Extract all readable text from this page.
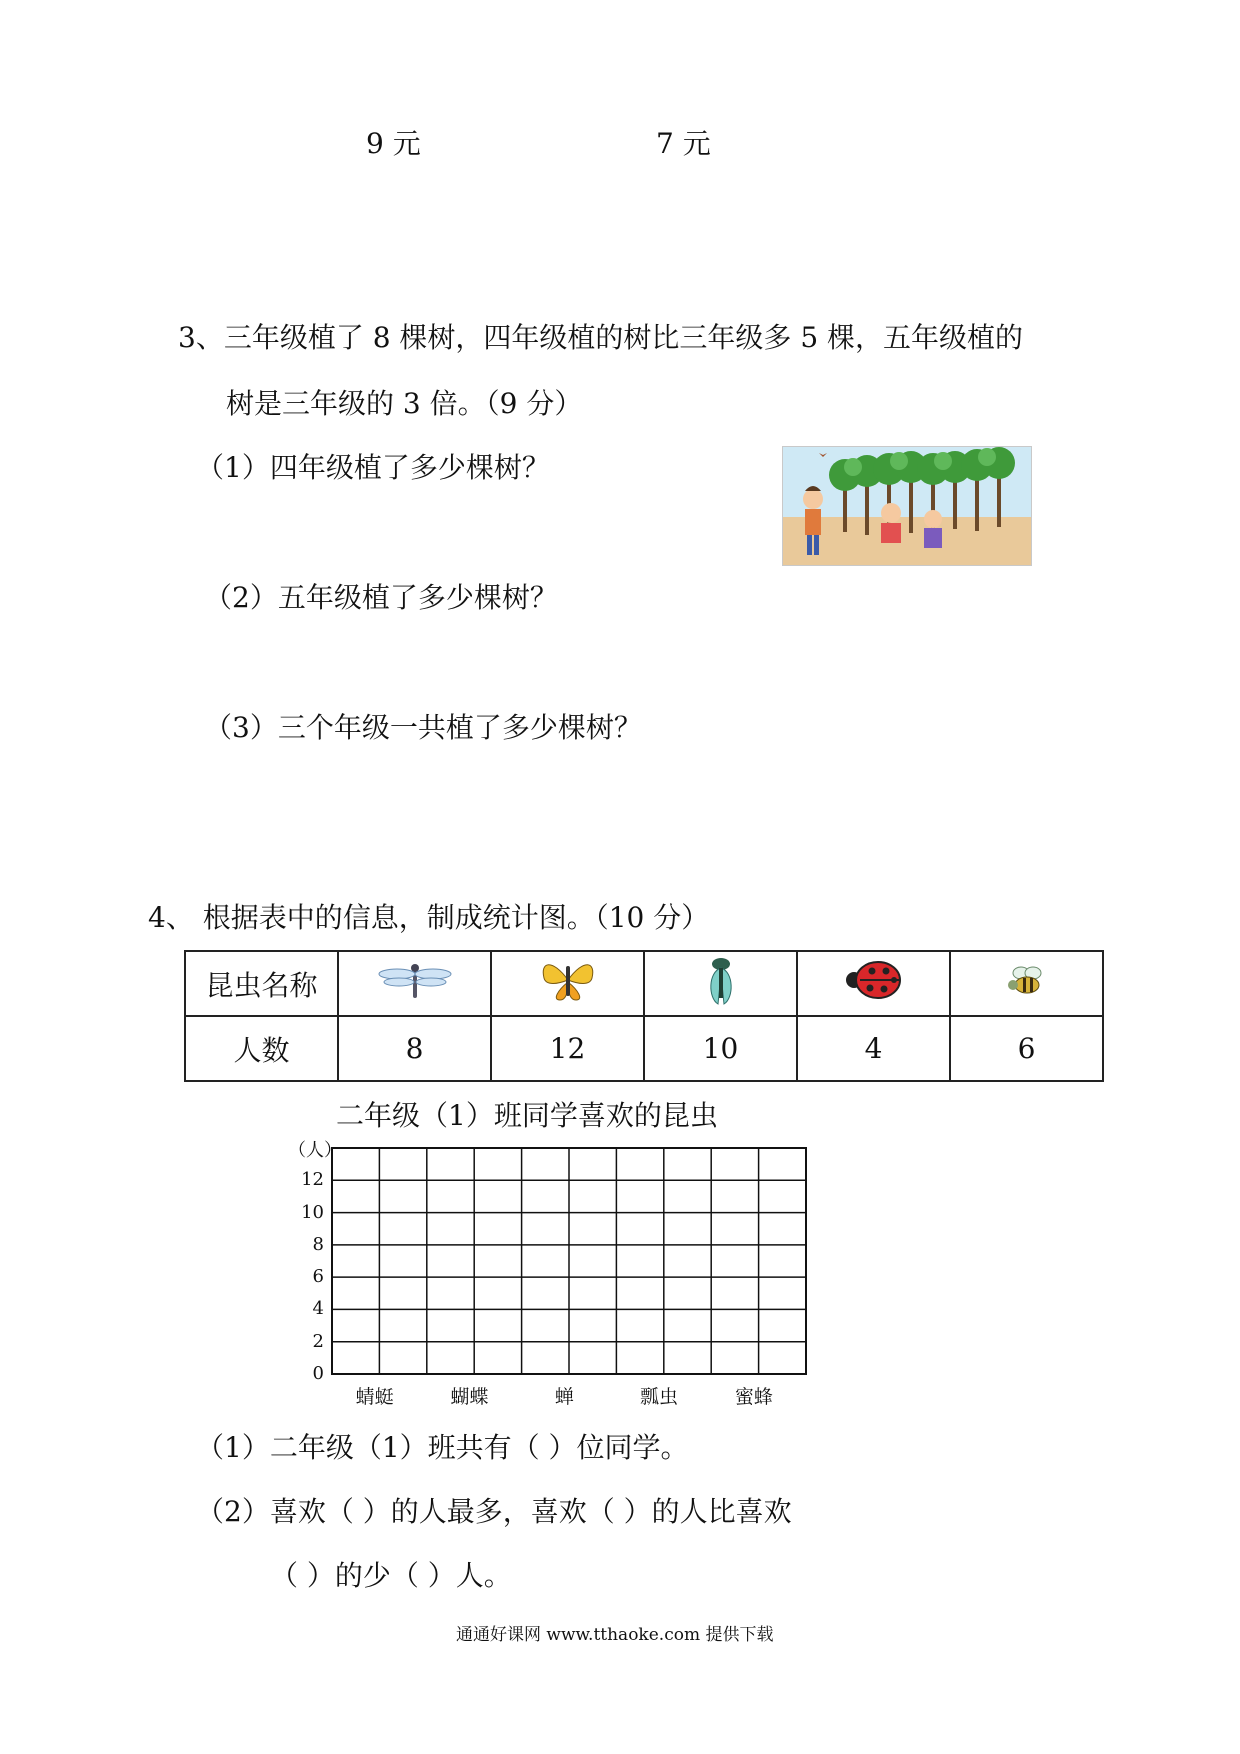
9 元	7 元
3、三年级植了 8 棵树，四年级植的树比三年级多 5 棵，五年级植的
树是三年级的 3 倍。（9 分）
（1）四年级植了多少棵树？
（2）五年级植了多少棵树？
（3）三个年级一共植了多少棵树？
4、 根据表中的信息，制成统计图。（10 分）
昆虫名称					
人数	8	12	10	4	6
二年级（1）班同学喜欢的昆虫
（人）
12
10
8
6
4
2
0
蜻蜓	蝴蝶	蝉	瓢虫	蜜蜂
（1）二年级（1）班共有（ ）位同学。
（2）喜欢（ ）的人最多，喜欢（ ）的人比喜欢
（ ）的少（ ）人。
通通好课网 www.tthaoke.com 提供下载
